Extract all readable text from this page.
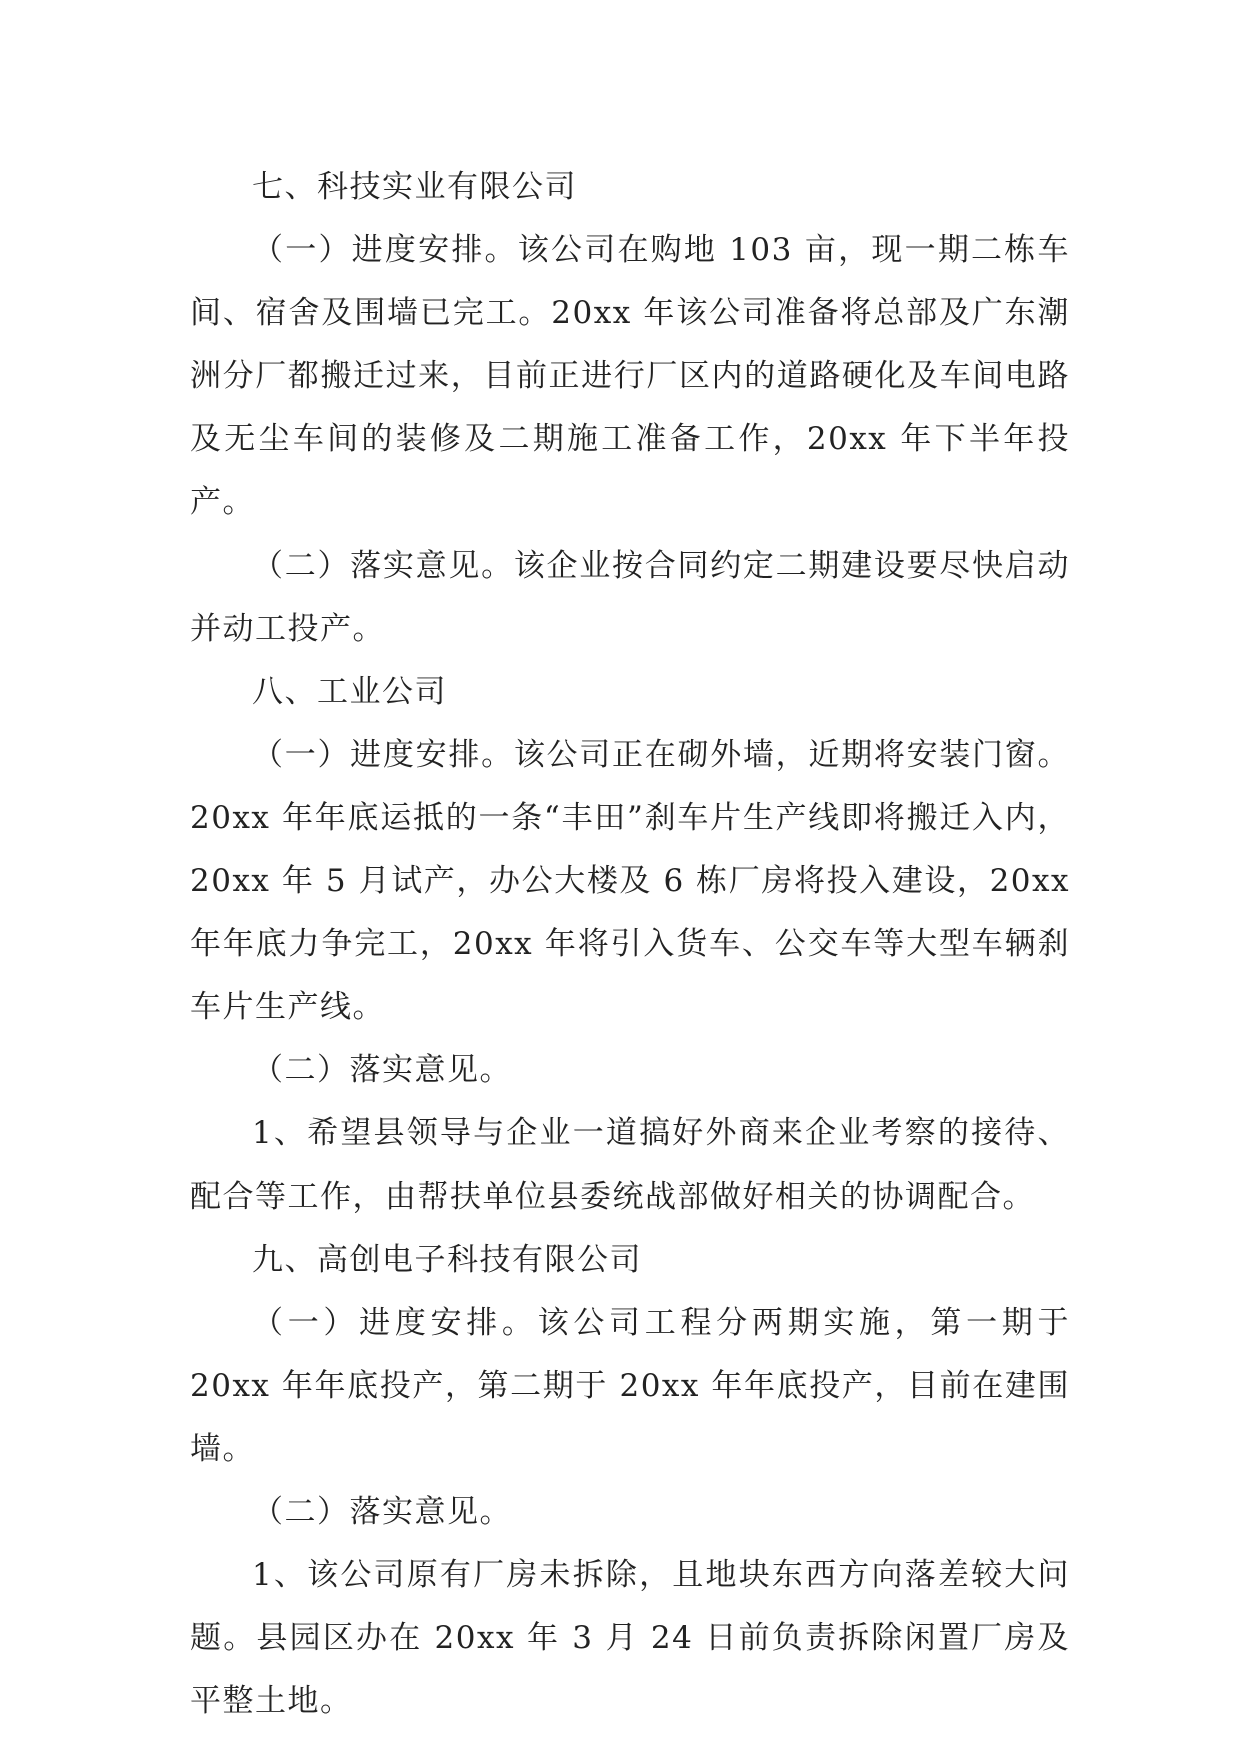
七、科技实业有限公司

（一）进度安排。该公司在购地 103 亩，现一期二栋车间、宿舍及围墙已完工。20xx 年该公司准备将总部及广东潮洲分厂都搬迁过来，目前正进行厂区内的道路硬化及车间电路及无尘车间的装修及二期施工准备工作，20xx 年下半年投产。

（二）落实意见。该企业按合同约定二期建设要尽快启动并动工投产。

八、工业公司

（一）进度安排。该公司正在砌外墙，近期将安装门窗。20xx 年年底运抵的一条“丰田”刹车片生产线即将搬迁入内，20xx 年 5 月试产，办公大楼及 6 栋厂房将投入建设，20xx 年年底力争完工，20xx 年将引入货车、公交车等大型车辆刹车片生产线。

（二）落实意见。

1、希望县领导与企业一道搞好外商来企业考察的接待、配合等工作，由帮扶单位县委统战部做好相关的协调配合。

九、高创电子科技有限公司

（一）进度安排。该公司工程分两期实施，第一期于 20xx 年年底投产，第二期于 20xx 年年底投产，目前在建围墙。

（二）落实意见。

1、该公司原有厂房未拆除，且地块东西方向落差较大问题。县园区办在 20xx 年 3 月 24 日前负责拆除闲置厂房及平整土地。
